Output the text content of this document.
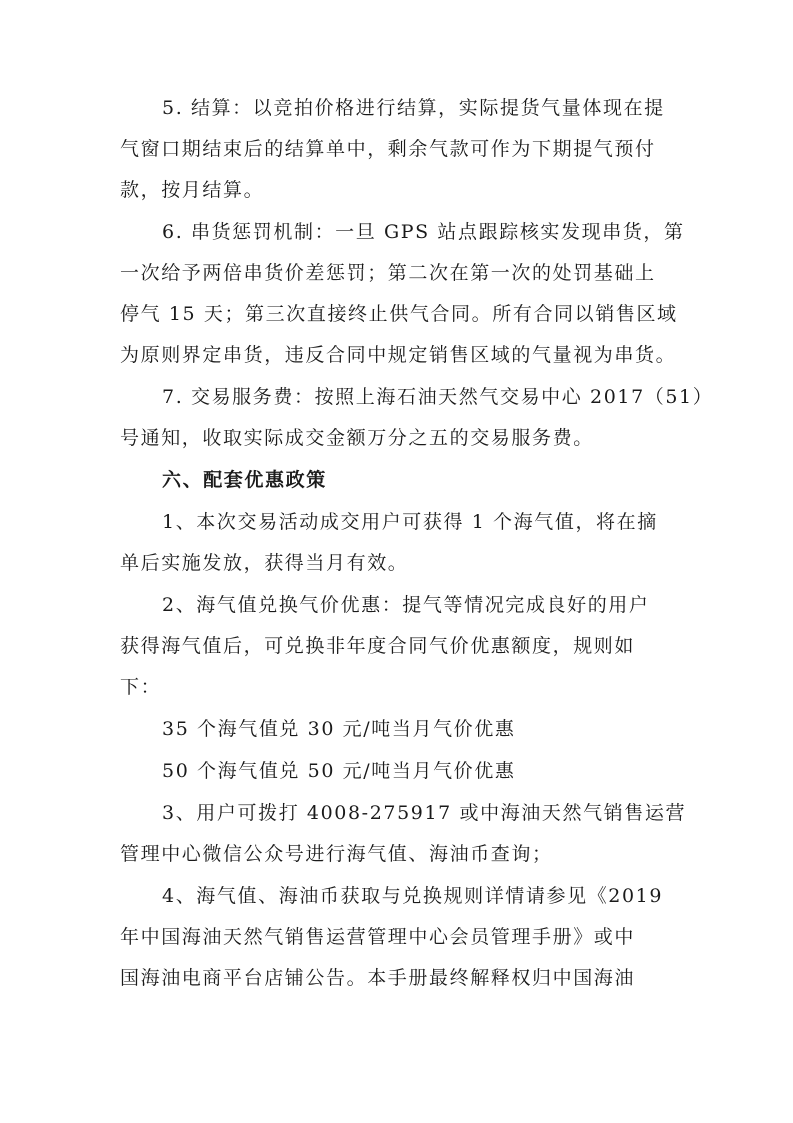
5. 结算：以竞拍价格进行结算，实际提货气量体现在提
气窗口期结束后的结算单中，剩余气款可作为下期提气预付
款，按月结算。
6. 串货惩罚机制：一旦 GPS 站点跟踪核实发现串货，第
一次给予两倍串货价差惩罚；第二次在第一次的处罚基础上
停气 15 天；第三次直接终止供气合同。所有合同以销售区域
为原则界定串货，违反合同中规定销售区域的气量视为串货。
7. 交易服务费：按照上海石油天然气交易中心 2017（51）
号通知，收取实际成交金额万分之五的交易服务费。
六、配套优惠政策
1、本次交易活动成交用户可获得 1 个海气值，将在摘
单后实施发放，获得当月有效。
2、海气值兑换气价优惠：提气等情况完成良好的用户
获得海气值后，可兑换非年度合同气价优惠额度，规则如
下：
35 个海气值兑 30 元/吨当月气价优惠
50 个海气值兑 50 元/吨当月气价优惠
3、用户可拨打 4008-275917 或中海油天然气销售运营
管理中心微信公众号进行海气值、海油币查询；
4、海气值、海油币获取与兑换规则详情请参见《2019
年中国海油天然气销售运营管理中心会员管理手册》或中
国海油电商平台店铺公告。本手册最终解释权归中国海油
